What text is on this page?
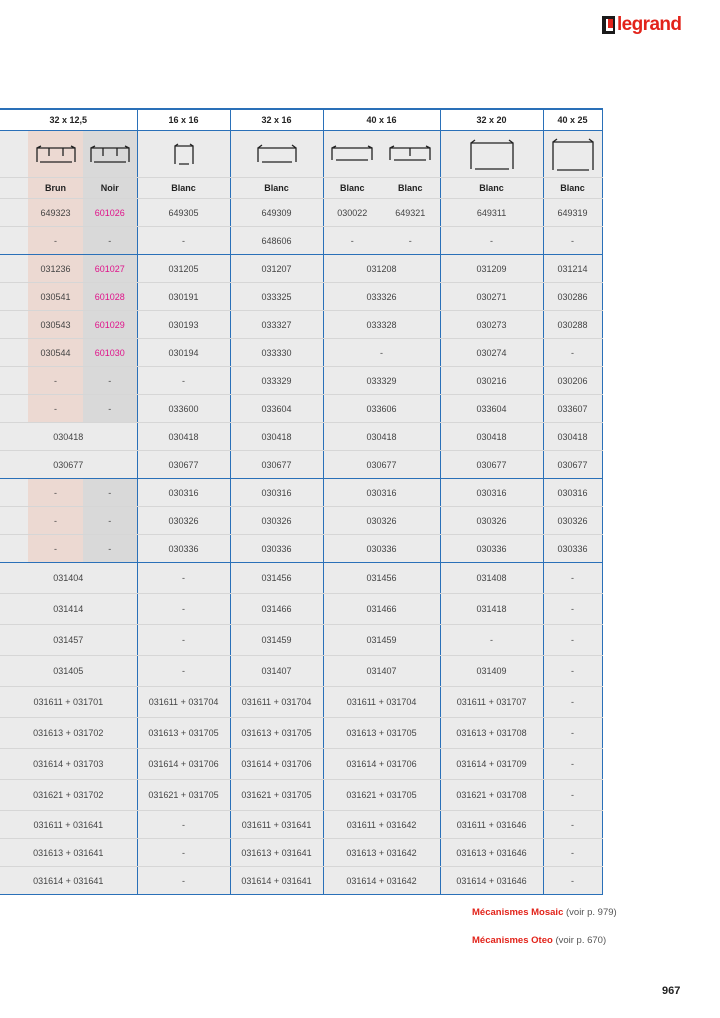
legrand
32 x 12,5			16 x 16	32 x 16	40 x 16		32 x 20	40 x 25

	Brun	Noir	Blanc	Blanc	Blanc	Blanc	Blanc	Blanc
	649323	601026	649305	649309	030022	649321	649311	649319
	-	-	-	648606	-	-	-	-
	031236	601027	031205	031207	031208		031209	031214
	030541	601028	030191	033325	033326		030271	030286
	030543	601029	030193	033327	033328		030273	030288
	030544	601030	030194	033330	-		030274	-
	-	-	-	033329	033329		030216	030206
	-	-	033600	033604	033606		033604	033607
030418			030418	030418	030418		030418	030418
030677			030677	030677	030677		030677	030677
	-	-	030316	030316	030316		030316	030316
	-	-	030326	030326	030326		030326	030326
	-	-	030336	030336	030336		030336	030336
031404			-	031456	031456		031408	-
031414			-	031466	031466		031418	-
031457			-	031459	031459		-	-
031405			-	031407	031407		031409	-
031611 + 031701			031611 + 031704	031611 + 031704	031611 + 031704		031611 + 031707	-
031613 + 031702			031613 + 031705	031613 + 031705	031613 + 031705		031613 + 031708	-
031614 + 031703			031614 + 031706	031614 + 031706	031614 + 031706		031614 + 031709	-
031621 + 031702			031621 + 031705	031621 + 031705	031621 + 031705		031621 + 031708	-
031611 + 031641			-	031611 + 031641	031611 + 031642		031611 + 031646	-
031613 + 031641			-	031613 + 031641	031613 + 031642		031613 + 031646	-
031614 + 031641			-	031614 + 031641	031614 + 031642		031614 + 031646	-
Mécanismes Mosaic (voir p. 979)
Mécanismes Oteo (voir p. 670)
967
